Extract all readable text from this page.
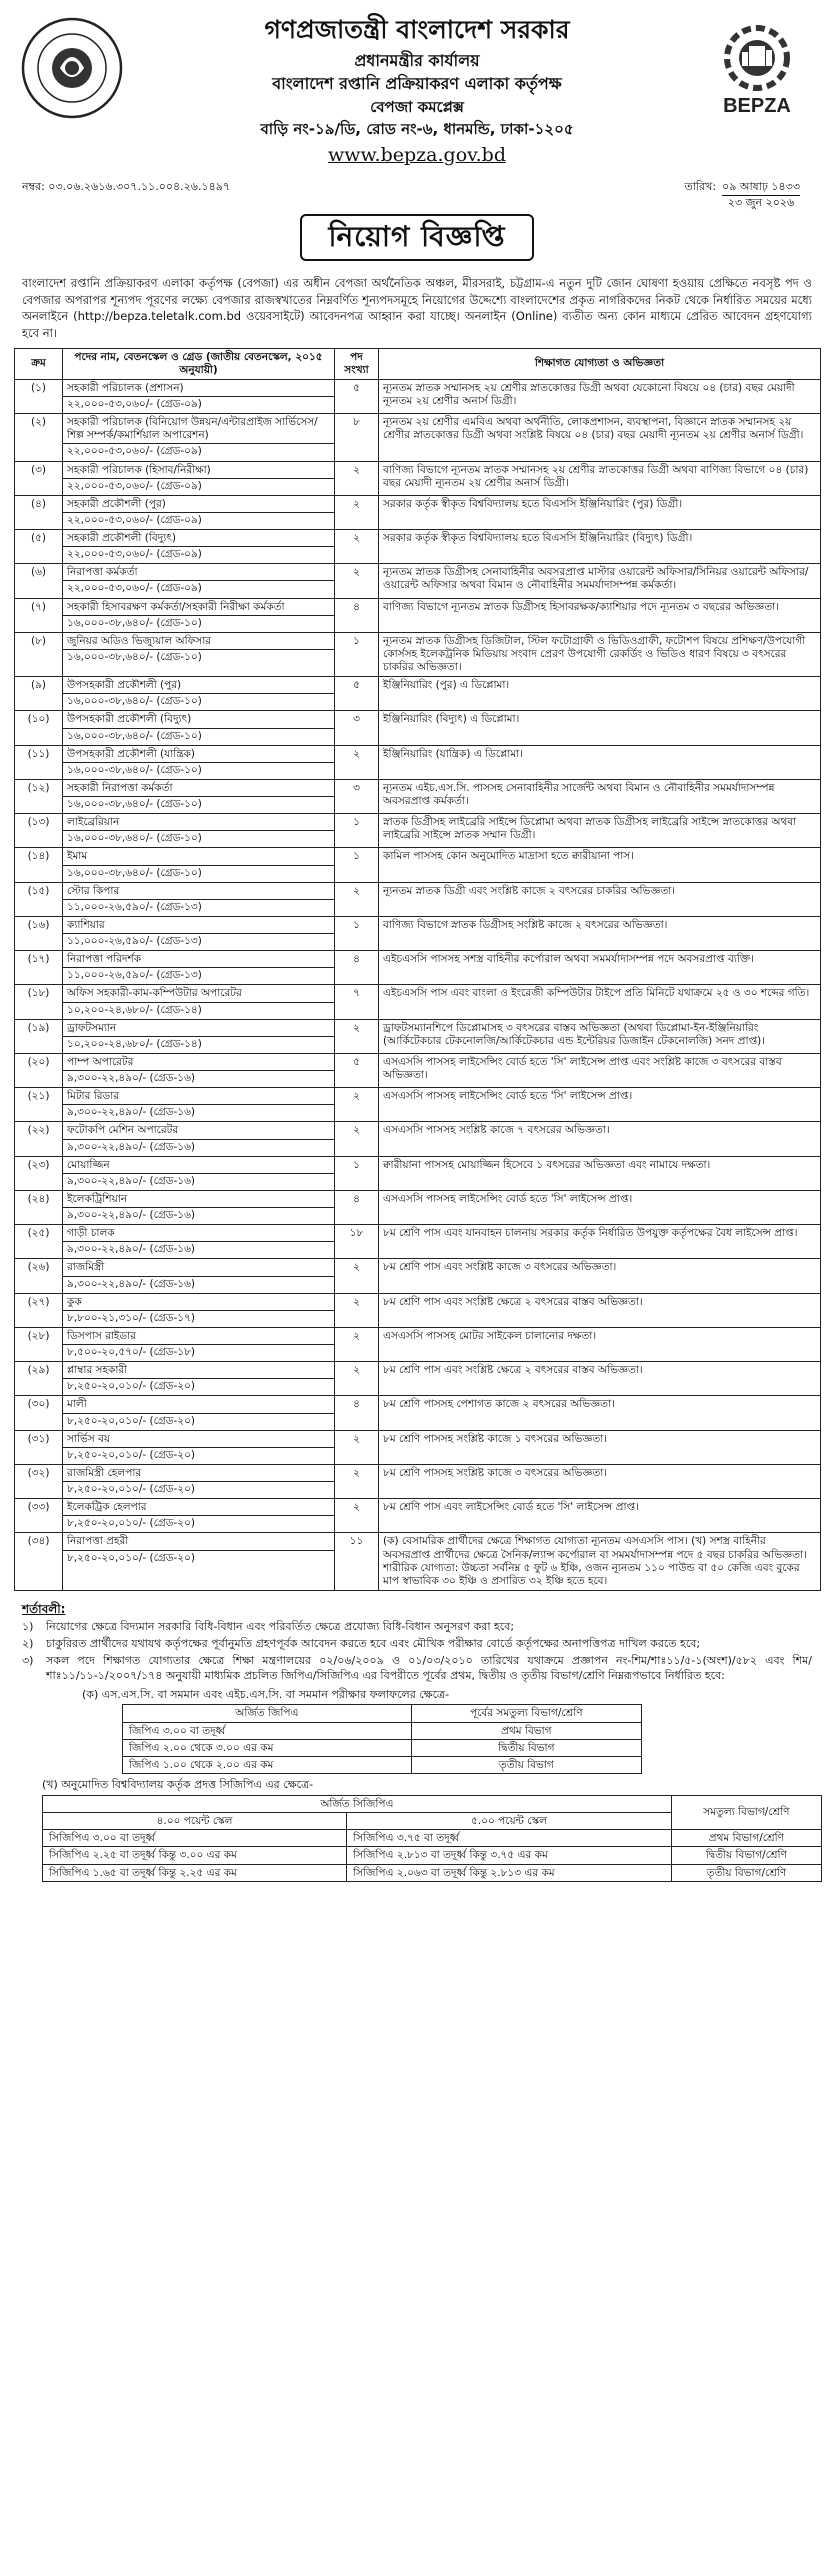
গণপ্রজাতন্ত্রী বাংলাদেশ সরকার
প্রধানমন্ত্রীর কার্যালয়
বাংলাদেশ রপ্তানি প্রক্রিয়াকরণ এলাকা কর্তৃপক্ষ
বেপজা কমপ্লেক্স
বাড়ি নং-১৯/ডি, রোড নং-৬, ধানমন্ডি, ঢাকা-১২০৫
www.bepza.gov.bd
BEPZA
নম্বর: ০৩.০৬.২৬১৬.৩০৭.১১.০০৪.২৬.১৪৯৭	তারিখ: ০৯ আষাঢ় ১৪৩৩
২৩ জুন ২০২৬
নিয়োগ বিজ্ঞপ্তি

বাংলাদেশ রপ্তানি প্রক্রিয়াকরণ এলাকা কর্তৃপক্ষ (বেপজা) এর অধীন বেপজা অর্থনৈতিক অঞ্চল, মীরসরাই, চট্টগ্রাম-এ নতুন দুটি জোন ঘোষণা হওয়ায় প্রেক্ষিতে নবসৃষ্ট পদ ও বেপজার অপরাপর শূন্যপদ পূরণের লক্ষ্যে বেপজার রাজস্বখাতের নিম্নবর্ণিত শূন্যপদসমূহে নিয়োগের উদ্দেশ্যে বাংলাদেশের প্রকৃত নাগরিকদের নিকট থেকে নির্ধারিত সময়ের মধ্যে অনলাইনে (http://bepza.teletalk.com.bd ওয়েবসাইটে) আবেদনপত্র আহ্বান করা যাচ্ছে। অনলাইন (Online) ব্যতীত অন্য কোন মাধ্যমে প্রেরিত আবেদন গ্রহণযোগ্য হবে না।

ক্রম	পদের নাম, বেতনস্কেল ও গ্রেড (জাতীয় বেতনস্কেল, ২০১৫ অনুযায়ী)	পদ সংখ্যা	শিক্ষাগত যোগ্যতা ও অভিজ্ঞতা
(১)	সহকারী পরিচালক (প্রশাসন)
২২,০০০-৫৩,০৬০/- (গ্রেড-০৯)	৫	ন্যূনতম স্নাতক সম্মানসহ ২য় শ্রেণীর স্নাতকোত্তর ডিগ্রী অথবা যেকোনো বিষয়ে ০৪ (চার) বছর মেয়াদী ন্যূনতম ২য় শ্রেণীর অনার্স ডিগ্রী।
(২)	সহকারী পরিচালক (বিনিয়োগ উন্নয়ন/এন্টারপ্রাইজ সার্ভিসেস/শিল্প সম্পর্ক/কমার্শিয়াল অপারেশন)
২২,০০০-৫৩,০৬০/- (গ্রেড-০৯)	৮	ন্যূনতম ২য় শ্রেণীর এমবিএ অথবা অর্থনীতি, লোকপ্রশাসন, ব্যবস্থাপনা, বিজ্ঞানে স্নাতক সম্মানসহ ২য় শ্রেণীর স্নাতকোত্তর ডিগ্রী অথবা সংশ্লিষ্ট বিষয়ে ০৪ (চার) বছর মেয়াদী ন্যূনতম ২য় শ্রেণীর অনার্স ডিগ্রী।
(৩)	সহকারী পরিচালক (হিসাব/নিরীক্ষা)
২২,০০০-৫৩,০৬০/- (গ্রেড-০৯)	২	বাণিজ্য বিভাগে ন্যূনতম স্নাতক সম্মানসহ ২য় শ্রেণীর স্নাতকোত্তর ডিগ্রী অথবা বাণিজ্য বিভাগে ০৪ (চার) বছর মেয়াদী ন্যূনতম ২য় শ্রেণীর অনার্স ডিগ্রী।
(৪)	সহকারী প্রকৌশলী (পুর)
২২,০০০-৫৩,০৬০/- (গ্রেড-০৯)	২	সরকার কর্তৃক স্বীকৃত বিশ্ববিদ্যালয় হতে বিএসসি ইঞ্জিনিয়ারিং (পুর) ডিগ্রী।
(৫)	সহকারী প্রকৌশলী (বিদ্যুৎ)
২২,০০০-৫৩,০৬০/- (গ্রেড-০৯)	২	সরকার কর্তৃক স্বীকৃত বিশ্ববিদ্যালয় হতে বিএসসি ইঞ্জিনিয়ারিং (বিদ্যুৎ) ডিগ্রী।
(৬)	নিরাপত্তা কর্মকর্তা
২২,০০০-৫৩,০৬০/- (গ্রেড-০৯)	২	ন্যূনতম স্নাতক ডিগ্রীসহ সেনাবাহিনীর অবসরপ্রাপ্ত মাস্টার ওয়ারেন্ট অফিসার/সিনিয়র ওয়ারেন্ট অফিসার/ওয়ারেন্ট অফিসার অথবা বিমান ও নৌবাহিনীর সমমর্যাদাসম্পন্ন কর্মকর্তা।
(৭)	সহকারী হিসাবরক্ষণ কর্মকর্তা/সহকারী নিরীক্ষা কর্মকর্তা
১৬,০০০-৩৮,৬৪০/- (গ্রেড-১০)	৪	বাণিজ্য বিভাগে ন্যূনতম স্নাতক ডিগ্রীসহ হিসাবরক্ষক/ক্যাশিয়ার পদে ন্যূনতম ৩ বছরের অভিজ্ঞতা।
(৮)	জুনিয়র অডিও ভিজ্যুয়াল অফিসার
১৬,০০০-৩৮,৬৪০/- (গ্রেড-১০)	১	ন্যূনতম স্নাতক ডিগ্রীসহ ডিজিটাল, স্টিল ফটোগ্রাফী ও ভিডিওগ্রাফী, ফটোশপ বিষয়ে প্রশিক্ষণ/উপযোগী কোর্সসহ ইলেকট্রনিক মিডিয়ায় সংবাদ প্রেরণ উপযোগী রেকর্ডিং ও ভিডিও ধারণ বিষয়ে ৩ বৎসরের চাকরির অভিজ্ঞতা।
(৯)	উপসহকারী প্রকৌশলী (পুর)
১৬,০০০-৩৮,৬৪০/- (গ্রেড-১০)	৫	ইঞ্জিনিয়ারিং (পুর) এ ডিপ্লোমা।
(১০)	উপসহকারী প্রকৌশলী (বিদ্যুৎ)
১৬,০০০-৩৮,৬৪০/- (গ্রেড-১০)	৩	ইঞ্জিনিয়ারিং (বিদ্যুৎ) এ ডিপ্লোমা।
(১১)	উপসহকারী প্রকৌশলী (যান্ত্রিক)
১৬,০০০-৩৮,৬৪০/- (গ্রেড-১০)	২	ইঞ্জিনিয়ারিং (যান্ত্রিক) এ ডিপ্লোমা।
(১২)	সহকারী নিরাপত্তা কর্মকর্তা
১৬,০০০-৩৮,৬৪০/- (গ্রেড-১০)	৩	ন্যূনতম এইচ.এস.সি. পাসসহ সেনাবাহিনীর সার্জেন্ট অথবা বিমান ও নৌবাহিনীর সমমর্যাদাসম্পন্ন অবসরপ্রাপ্ত কর্মকর্তা।
(১৩)	লাইব্রেরিয়ান
১৬,০০০-৩৮,৬৪০/- (গ্রেড-১০)	১	স্নাতক ডিগ্রীসহ লাইব্রেরি সাইন্সে ডিপ্লোমা অথবা স্নাতক ডিগ্রীসহ লাইব্রেরি সাইন্সে স্নাতকোত্তর অথবা লাইব্রেরি সাইন্সে স্নাতক সম্মান ডিগ্রী।
(১৪)	ইমাম
১৬,০০০-৩৮,৬৪০/- (গ্রেড-১০)	১	কামিল পাসসহ কোন অনুমোদিত মাদ্রাসা হতে ক্বারীয়ানা পাস।
(১৫)	স্টোর কিপার
১১,০০০-২৬,৫৯০/- (গ্রেড-১৩)	২	ন্যূনতম স্নাতক ডিগ্রী এবং সংশ্লিষ্ট কাজে ২ বৎসরের চাকরির অভিজ্ঞতা।
(১৬)	ক্যাশিয়ার
১১,০০০-২৬,৫৯০/- (গ্রেড-১৩)	১	বাণিজ্য বিভাগে স্নাতক ডিগ্রীসহ সংশ্লিষ্ট কাজে ২ বৎসরের অভিজ্ঞতা।
(১৭)	নিরাপত্তা পরিদর্শক
১১,০০০-২৬,৫৯০/- (গ্রেড-১৩)	৪	এইচএসসি পাসসহ সশস্ত্র বাহিনীর কর্পোরাল অথবা সমমর্যাদাসম্পন্ন পদে অবসরপ্রাপ্ত ব্যক্তি।
(১৮)	অফিস সহকারী-কাম-কম্পিউটার অপারেটর
১০,২০০-২৪,৬৮০/- (গ্রেড-১৪)	৭	এইচএসসি পাস এবং বাংলা ও ইংরেজী কম্পিউটার টাইপে প্রতি মিনিটে যথাক্রমে ২৫ ও ৩০ শব্দের গতি।
(১৯)	ড্রাফটসম্যান
১০,২০০-২৪,৬৮০/- (গ্রেড-১৪)	২	ড্রাফটসম্যানশিপে ডিপ্লোমাসহ ৩ বৎসরের বাস্তব অভিজ্ঞতা (অথবা ডিপ্লোমা-ইন-ইঞ্জিনিয়ারিং (আর্কিটেকচার টেকনোলজি/আর্কিটেকচার এন্ড ইন্টেরিয়র ডিজাইন টেকনোলজি) সনদ প্রাপ্ত)।
(২০)	পাম্প অপারেটর
৯,৩০০-২২,৪৯০/- (গ্রেড-১৬)	৫	এসএসসি পাসসহ লাইসেন্সিং বোর্ড হতে 'সি' লাইসেন্স প্রাপ্ত এবং সংশ্লিষ্ট কাজে ৩ বৎসরের বাস্তব অভিজ্ঞতা।
(২১)	মিটার রিডার
৯,৩০০-২২,৪৯০/- (গ্রেড-১৬)	২	এসএসসি পাসসহ লাইসেন্সিং বোর্ড হতে 'সি' লাইসেন্স প্রাপ্ত।
(২২)	ফটোকপি মেশিন অপারেটর
৯,৩০০-২২,৪৯০/- (গ্রেড-১৬)	২	এসএসসি পাসসহ সংশ্লিষ্ট কাজে ৭ বৎসরের অভিজ্ঞতা।
(২৩)	মোয়াজ্জিন
৯,৩০০-২২,৪৯০/- (গ্রেড-১৬)	১	ক্বারীয়ানা পাসসহ মোয়াজ্জিন হিসেবে ১ বৎসরের অভিজ্ঞতা এবং নামাযে দক্ষতা।
(২৪)	ইলেকট্রিশিয়ান
৯,৩০০-২২,৪৯০/- (গ্রেড-১৬)	৪	এসএসসি পাসসহ লাইসেন্সিং বোর্ড হতে 'সি' লাইসেন্স প্রাপ্ত।
(২৫)	গাড়ী চালক
৯,৩০০-২২,৪৯০/- (গ্রেড-১৬)	১৮	৮ম শ্রেণি পাস এবং যানবাহন চালনায় সরকার কর্তৃক নির্ধারিত উপযুক্ত কর্তৃপক্ষের বৈধ লাইসেন্স প্রাপ্ত।
(২৬)	রাজমিস্ত্রী
৯,৩০০-২২,৪৯০/- (গ্রেড-১৬)	২	৮ম শ্রেণি পাস এবং সংশ্লিষ্ট কাজে ৩ বৎসরের অভিজ্ঞতা।
(২৭)	কুক
৮,৮০০-২১,৩১০/- (গ্রেড-১৭)	২	৮ম শ্রেণি পাস এবং সংশ্লিষ্ট ক্ষেত্রে ২ বৎসরের বাস্তব অভিজ্ঞতা।
(২৮)	ডিসপাস রাইডার
৮,৫০০-২০,৫৭০/- (গ্রেড-১৮)	২	এসএসসি পাসসহ মোটর সাইকেল চালানোর দক্ষতা।
(২৯)	প্লাম্বার সহকারী
৮,২৫০-২০,০১০/- (গ্রেড-২০)	২	৮ম শ্রেণি পাস এবং সংশ্লিষ্ট ক্ষেত্রে ২ বৎসরের বাস্তব অভিজ্ঞতা।
(৩০)	মালী
৮,২৫০-২০,০১০/- (গ্রেড-২০)	৪	৮ম শ্রেণি পাসসহ পেশাগত কাজে ২ বৎসরের অভিজ্ঞতা।
(৩১)	সার্ভিস বয়
৮,২৫০-২০,০১০/- (গ্রেড-২০)	২	৮ম শ্রেণি পাসসহ সংশ্লিষ্ট কাজে ১ বৎসরের অভিজ্ঞতা।
(৩২)	রাজমিস্ত্রী হেলপার
৮,২৫০-২০,০১০/- (গ্রেড-২০)	২	৮ম শ্রেণি পাসসহ সংশ্লিষ্ট কাজে ৩ বৎসরের অভিজ্ঞতা।
(৩৩)	ইলেকট্রিক হেলপার
৮,২৫০-২০,০১০/- (গ্রেড-২০)	২	৮ম শ্রেণি পাস এবং লাইসেন্সিং বোর্ড হতে 'সি' লাইসেন্স প্রাপ্ত।
(৩৪)	নিরাপত্তা প্রহরী
৮,২৫০-২০,০১০/- (গ্রেড-২০)	১১	(ক) বেসামরিক প্রার্থীদের ক্ষেত্রে শিক্ষাগত যোগ্যতা ন্যূনতম এসএসসি পাস। (খ) সশস্ত্র বাহিনীর অবসরপ্রাপ্ত প্রার্থীদের ক্ষেত্রে সৈনিক/ল্যান্স কর্পোরাল বা সমমর্যাদাসম্পন্ন পদে ৫ বছর চাকরির অভিজ্ঞতা। শারীরিক যোগ্যতা: উচ্চতা সর্বনিম্ন ৫ ফুট ৬ ইঞ্চি, ওজন ন্যূনতম ১১০ পাউন্ড বা ৫০ কেজি এবং বুকের মাপ স্বাভাবিক ৩০ ইঞ্চি ও প্রসারিত ৩২ ইঞ্চি হতে হবে।
শর্তাবলী:
১)	নিয়োগের ক্ষেত্রে বিদ্যমান সরকারি বিধি-বিধান এবং পরিবর্তিত ক্ষেত্রে প্রযোজ্য বিধি-বিধান অনুসরণ করা হবে;
২)	চাকুরিরত প্রার্থীদের যথাযথ কর্তৃপক্ষের পূর্বানুমতি গ্রহণপূর্বক আবেদন করতে হবে এবং মৌখিক পরীক্ষার বোর্ডে কর্তৃপক্ষের অনাপত্তিপত্র দাখিল করতে হবে;
৩)	সকল পদে শিক্ষাগত যোগ্যতার ক্ষেত্রে শিক্ষা মন্ত্রণালয়ের ০২/০৬/২০০৯ ও ০১/০৩/২০১০ তারিখের যথাক্রমে প্রজ্ঞাপন নং-শিম/শাঃ১১/৫-১(অংশ)/৫৮২ এবং শিম/শাঃ১১/১১-১/২০০৭/১৭৪ অনুযায়ী মাধ্যমিক প্রচলিত জিপিএ/সিজিপিএ এর বিপরীতে পূর্বের প্রথম, দ্বিতীয় ও তৃতীয় বিভাগ/শ্রেণি নিম্নরূপভাবে নির্ধারিত হবে:
(ক) এস.এস.সি. বা সমমান এবং এইচ.এস.সি. বা সমমান পরীক্ষার ফলাফলের ক্ষেত্রে-
অর্জিত জিপিএ	পূর্বের সমতুল্য বিভাগ/শ্রেণি
জিপিএ ৩.০০ বা তদূর্ধ্ব	প্রথম বিভাগ
জিপিএ ২.০০ থেকে ৩.০০ এর কম	দ্বিতীয় বিভাগ
জিপিএ ১.০০ থেকে ২.০০ এর কম	তৃতীয় বিভাগ
(খ) অনুমোদিত বিশ্ববিদ্যালয় কর্তৃক প্রদত্ত সিজিপিএ এর ক্ষেত্রে-
অর্জিত সিজিপিএ		সমতুল্য বিভাগ/শ্রেণি
৪.০০ পয়েন্ট স্কেল	৫.০০ পয়েন্ট স্কেল	
সিজিপিএ ৩.০০ বা তদূর্ধ্ব	সিজিপিএ ৩.৭৫ বা তদূর্ধ্ব	প্রথম বিভাগ/শ্রেণি
সিজিপিএ ২.২৫ বা তদূর্ধ্ব কিন্তু ৩.০০ এর কম	সিজিপিএ ২.৮১৩ বা তদূর্ধ্ব কিন্তু ৩.৭৫ এর কম	দ্বিতীয় বিভাগ/শ্রেণি
সিজিপিএ ১.৬৫ বা তদূর্ধ্ব কিন্তু ২.২৫ এর কম	সিজিপিএ ২.০৬৩ বা তদূর্ধ্ব কিন্তু ২.৮১৩ এর কম	তৃতীয় বিভাগ/শ্রেণি
